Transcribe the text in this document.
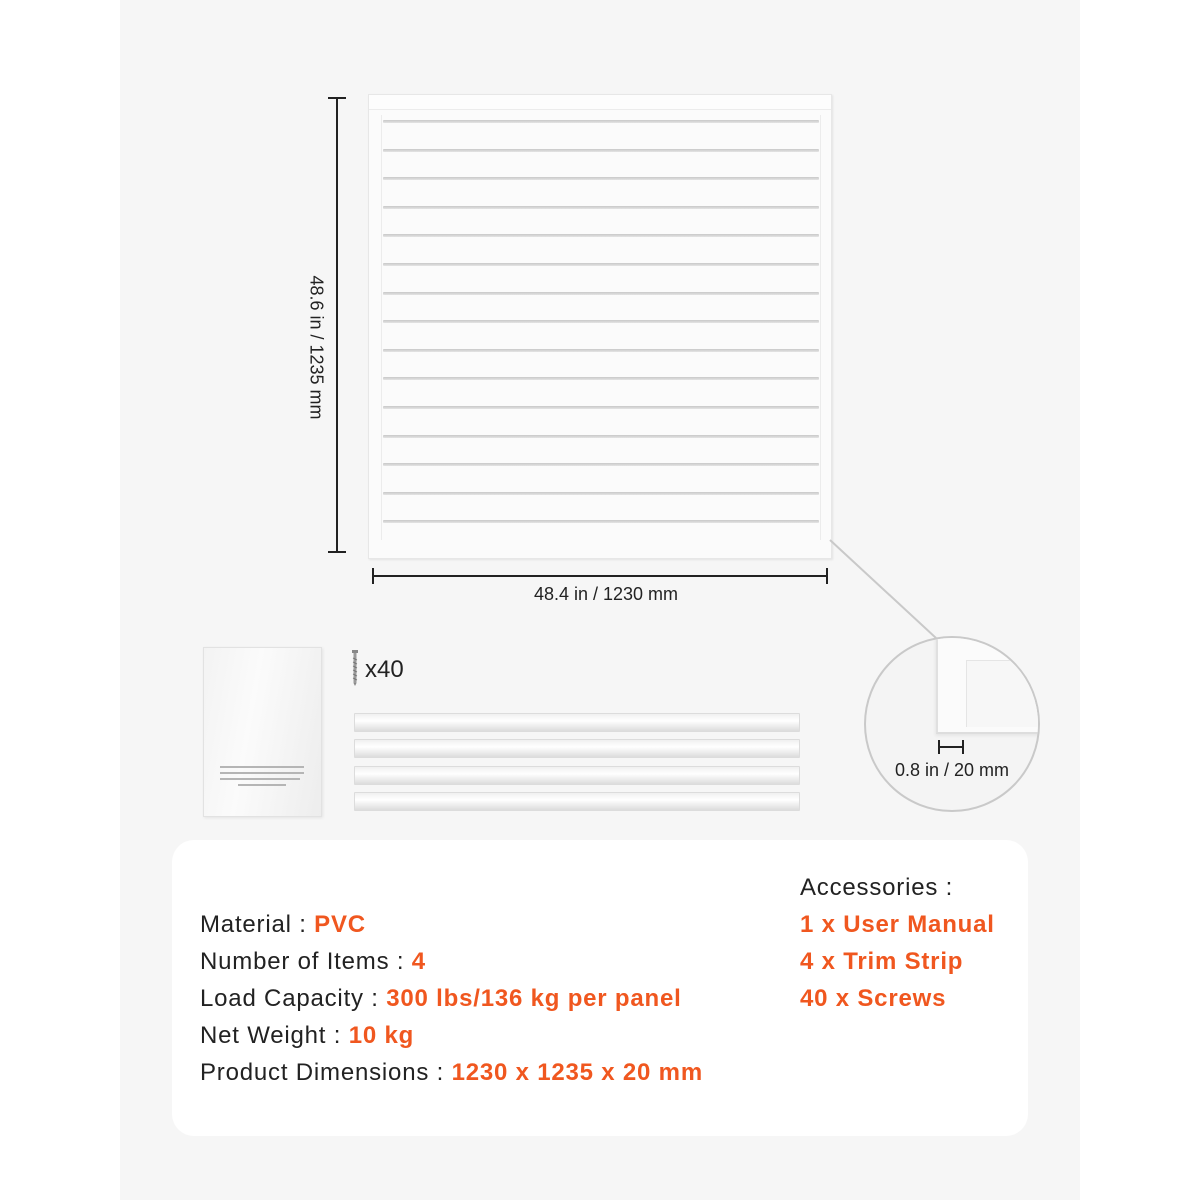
48.6 in / 1235 mm
48.4 in / 1230 mm
x40
0.8 in / 20 mm
Material : PVC
Number of Items : 4
Load Capacity : 300 lbs/136 kg per panel
Net Weight : 10 kg
Product Dimensions : 1230 x 1235 x 20 mm
Accessories :
1 x User Manual
4 x Trim Strip
40 x Screws
